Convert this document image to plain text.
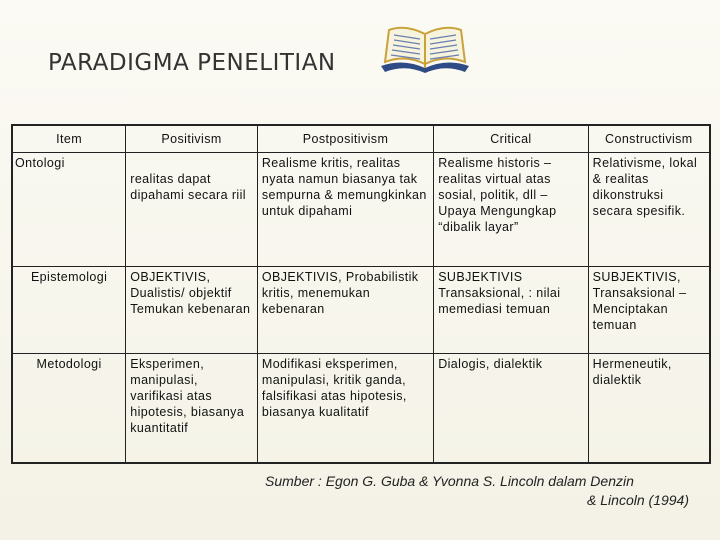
PARADIGMA PENELITIAN
Item	Positivism	Postpositivism	Critical	Constructivism
Ontologi	realitas dapat dipahami secara riil	Realisme kritis, realitas nyata namun biasanya tak sempurna & memungkinkan untuk dipahami	Realisme historis – realitas virtual atas sosial, politik, dll – Upaya Mengungkap “dibalik layar”	Relativisme, lokal & realitas dikonstruksi secara spesifik.
Epistemologi	OBJEKTIVIS, Dualistis/ objektif Temukan kebenaran	OBJEKTIVIS, Probabilistik kritis, menemukan kebenaran	SUBJEKTIVIS Transaksional, : nilai memediasi temuan	SUBJEKTIVIS, Transaksional – Menciptakan temuan
Metodologi	Eksperimen, manipulasi, varifikasi atas hipotesis, biasanya kuantitatif	Modifikasi eksperimen, manipulasi, kritik ganda, falsifikasi atas hipotesis, biasanya kualitatif	Dialogis, dialektik	Hermeneutik, dialektik
Sumber : Egon G. Guba & Yvonna S. Lincoln dalam Denzin
& Lincoln (1994)
